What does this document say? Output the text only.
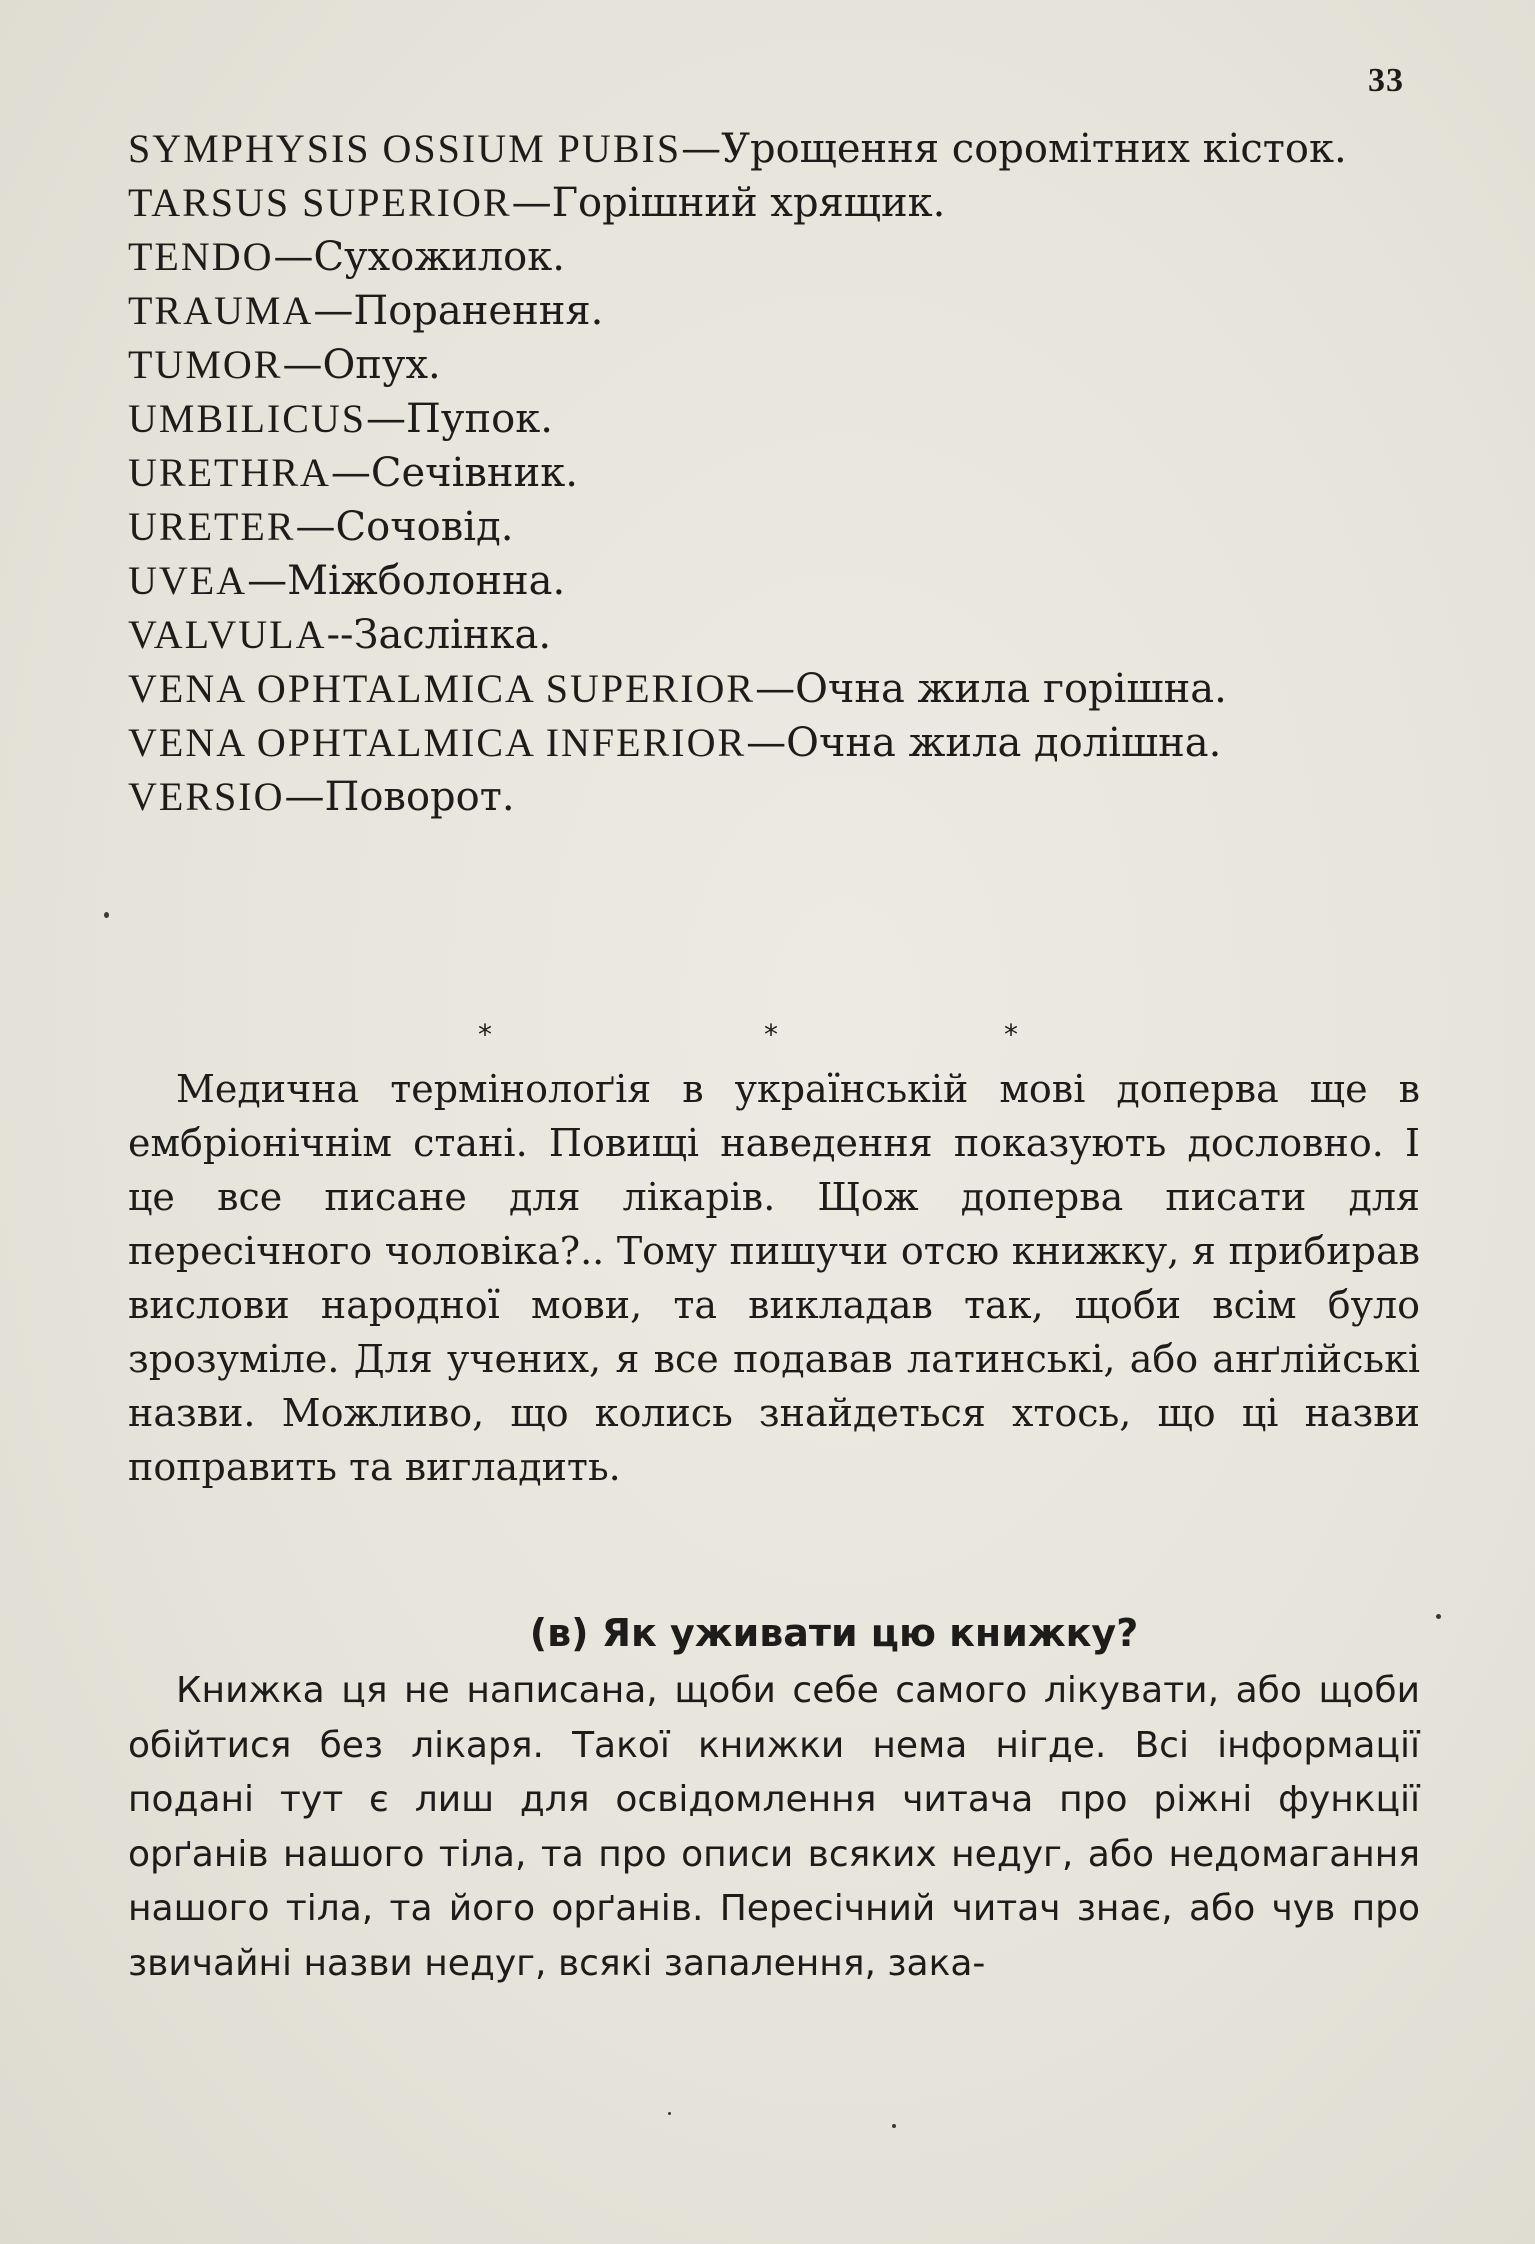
33
SYMPHYSIS OSSIUM PUBIS—Урощення соромітних кісток.
TARSUS SUPERIOR—Горішний хрящик.
TENDO—Сухожилок.
TRAUMA—Поранення.
TUMOR—Опух.
UMBILICUS—Пупок.
URETHRA—Сечівник.
URETER—Сочовід.
UVEA—Міжболонна.
VALVULA--Заслінка.
VENA OPHTALMICA SUPERIOR—Очна жила горішна.
VENA OPHTALMICA INFERIOR—Очна жила долішна.
VERSIO—Поворот.
*	*	*

Медична термінолоґія в українській мові доперва ще в ембріонічнім стані. Повищі наведення показують дословно. І це все писане для лікарів. Щож допервa писати для пересічного чоловіка?.. Тому пишучи отсю книжку, я прибирав вислови народної мови, та викладав так, щоби всім було зрозуміле. Для учених, я все подавав латинські, або анґлійські назви. Можливо, що колись знайдеться хтось, що ці назви поправить та вигладить.

(в) Як уживати цю книжку?

Книжка ця не написана, щоби себе самого лікувати, або щоби обійтися без лікаря. Такої книжки нема нігде. Всі інформації подані тут є лиш для освідомлення читача про ріжні функції орґанів нашого тіла, та про описи всяких недуг, або недомагання нашого тіла, та його орґанів. Пересічний читач знає, або чув про звичайні назви недуг, всякі запалення, зака-
